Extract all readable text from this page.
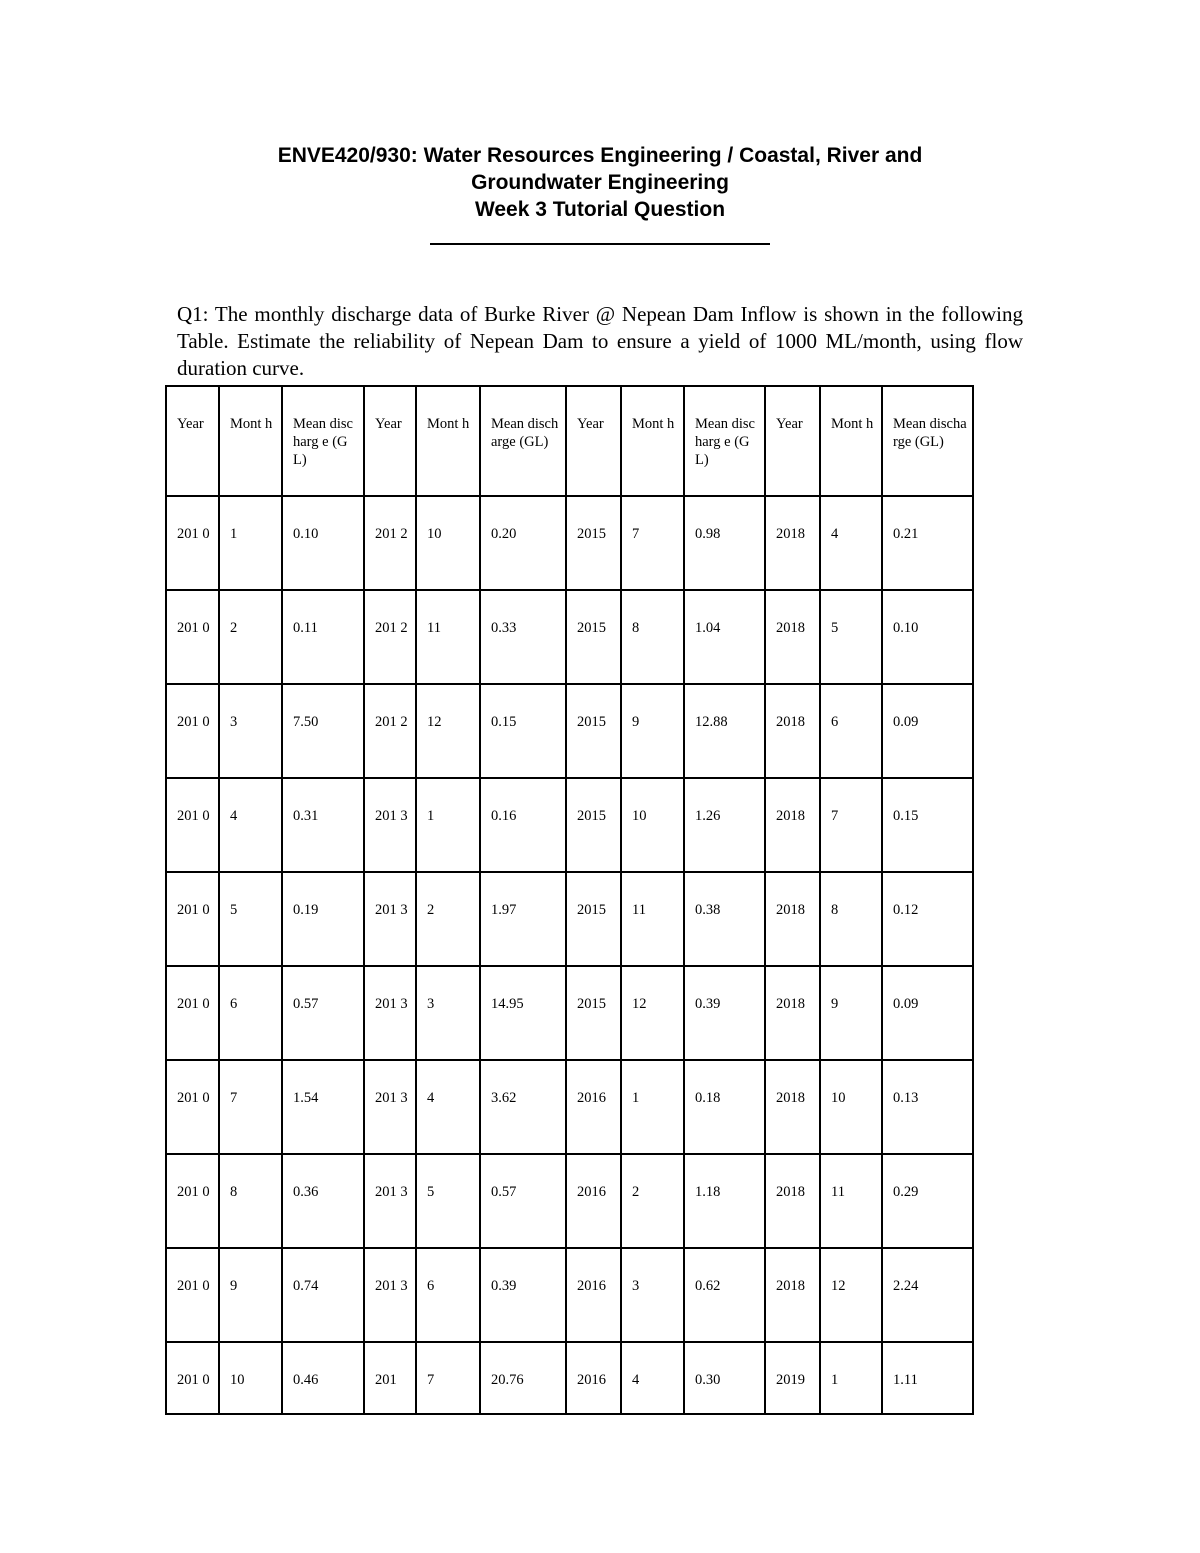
ENVE420/930: Water Resources Engineering / Coastal, River and
Groundwater Engineering
Week 3 Tutorial Question

Q1: The monthly discharge data of Burke River @ Nepean Dam Inflow is shown in the following Table. Estimate the reliability of Nepean Dam to ensure a yield of 1000 ML/month, using flow duration curve.

Year	Mont h	Mean discharg e (GL)	Year	Mont h	Mean discharge (GL)	Year	Mont h	Mean discharg e (GL)	Year	Mont h	Mean discharge (GL)
201 0	1	0.10	201 2	10	0.20	2015	7	0.98	2018	4	0.21
201 0	2	0.11	201 2	11	0.33	2015	8	1.04	2018	5	0.10
201 0	3	7.50	201 2	12	0.15	2015	9	12.88	2018	6	0.09
201 0	4	0.31	201 3	1	0.16	2015	10	1.26	2018	7	0.15
201 0	5	0.19	201 3	2	1.97	2015	11	0.38	2018	8	0.12
201 0	6	0.57	201 3	3	14.95	2015	12	0.39	2018	9	0.09
201 0	7	1.54	201 3	4	3.62	2016	1	0.18	2018	10	0.13
201 0	8	0.36	201 3	5	0.57	2016	2	1.18	2018	11	0.29
201 0	9	0.74	201 3	6	0.39	2016	3	0.62	2018	12	2.24
201 0	10	0.46	201	7	20.76	2016	4	0.30	2019	1	1.11
